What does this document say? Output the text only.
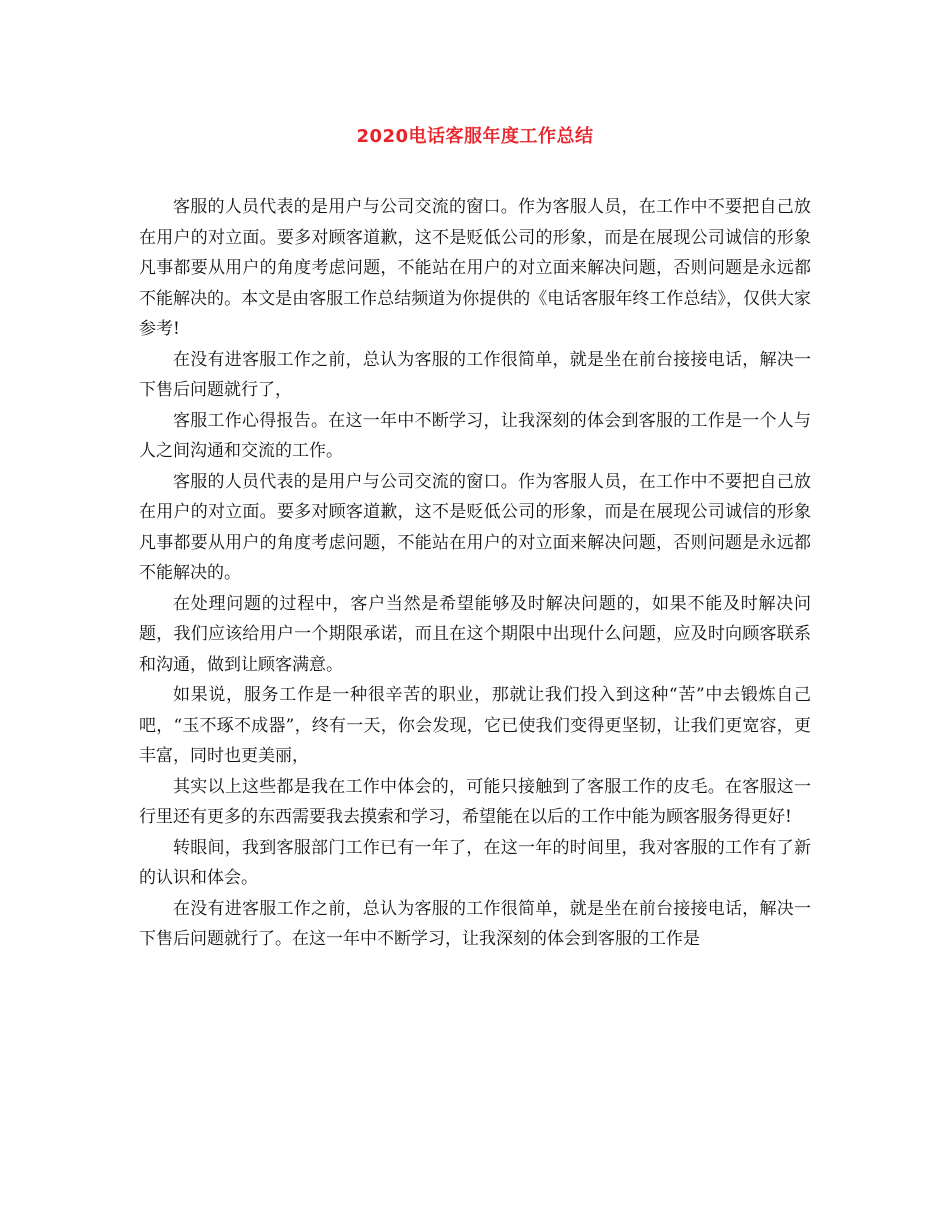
2020电话客服年度工作总结

客服的人员代表的是用户与公司交流的窗口。作为客服人员，在工作中不要把自己放在用户的对立面。要多对顾客道歉，这不是贬低公司的形象，而是在展现公司诚信的形象凡事都要从用户的角度考虑问题，不能站在用户的对立面来解决问题，否则问题是永远都不能解决的。本文是由客服工作总结频道为你提供的《电话客服年终工作总结》，仅供大家参考!

在没有进客服工作之前，总认为客服的工作很简单，就是坐在前台接接电话，解决一下售后问题就行了，

客服工作心得报告。在这一年中不断学习，让我深刻的体会到客服的工作是一个人与人之间沟通和交流的工作。

客服的人员代表的是用户与公司交流的窗口。作为客服人员，在工作中不要把自己放在用户的对立面。要多对顾客道歉，这不是贬低公司的形象，而是在展现公司诚信的形象凡事都要从用户的角度考虑问题，不能站在用户的对立面来解决问题，否则问题是永远都不能解决的。

在处理问题的过程中，客户当然是希望能够及时解决问题的，如果不能及时解决问题，我们应该给用户一个期限承诺，而且在这个期限中出现什么问题，应及时向顾客联系和沟通，做到让顾客满意。

如果说，服务工作是一种很辛苦的职业，那就让我们投入到这种“苦”中去锻炼自己吧，“玉不琢不成器”，终有一天，你会发现，它已使我们变得更坚韧，让我们更宽容，更丰富，同时也更美丽，

其实以上这些都是我在工作中体会的，可能只接触到了客服工作的皮毛。在客服这一行里还有更多的东西需要我去摸索和学习，希望能在以后的工作中能为顾客服务得更好!

转眼间，我到客服部门工作已有一年了，在这一年的时间里，我对客服的工作有了新的认识和体会。

在没有进客服工作之前，总认为客服的工作很简单，就是坐在前台接接电话，解决一下售后问题就行了。在这一年中不断学习，让我深刻的体会到客服的工作是
